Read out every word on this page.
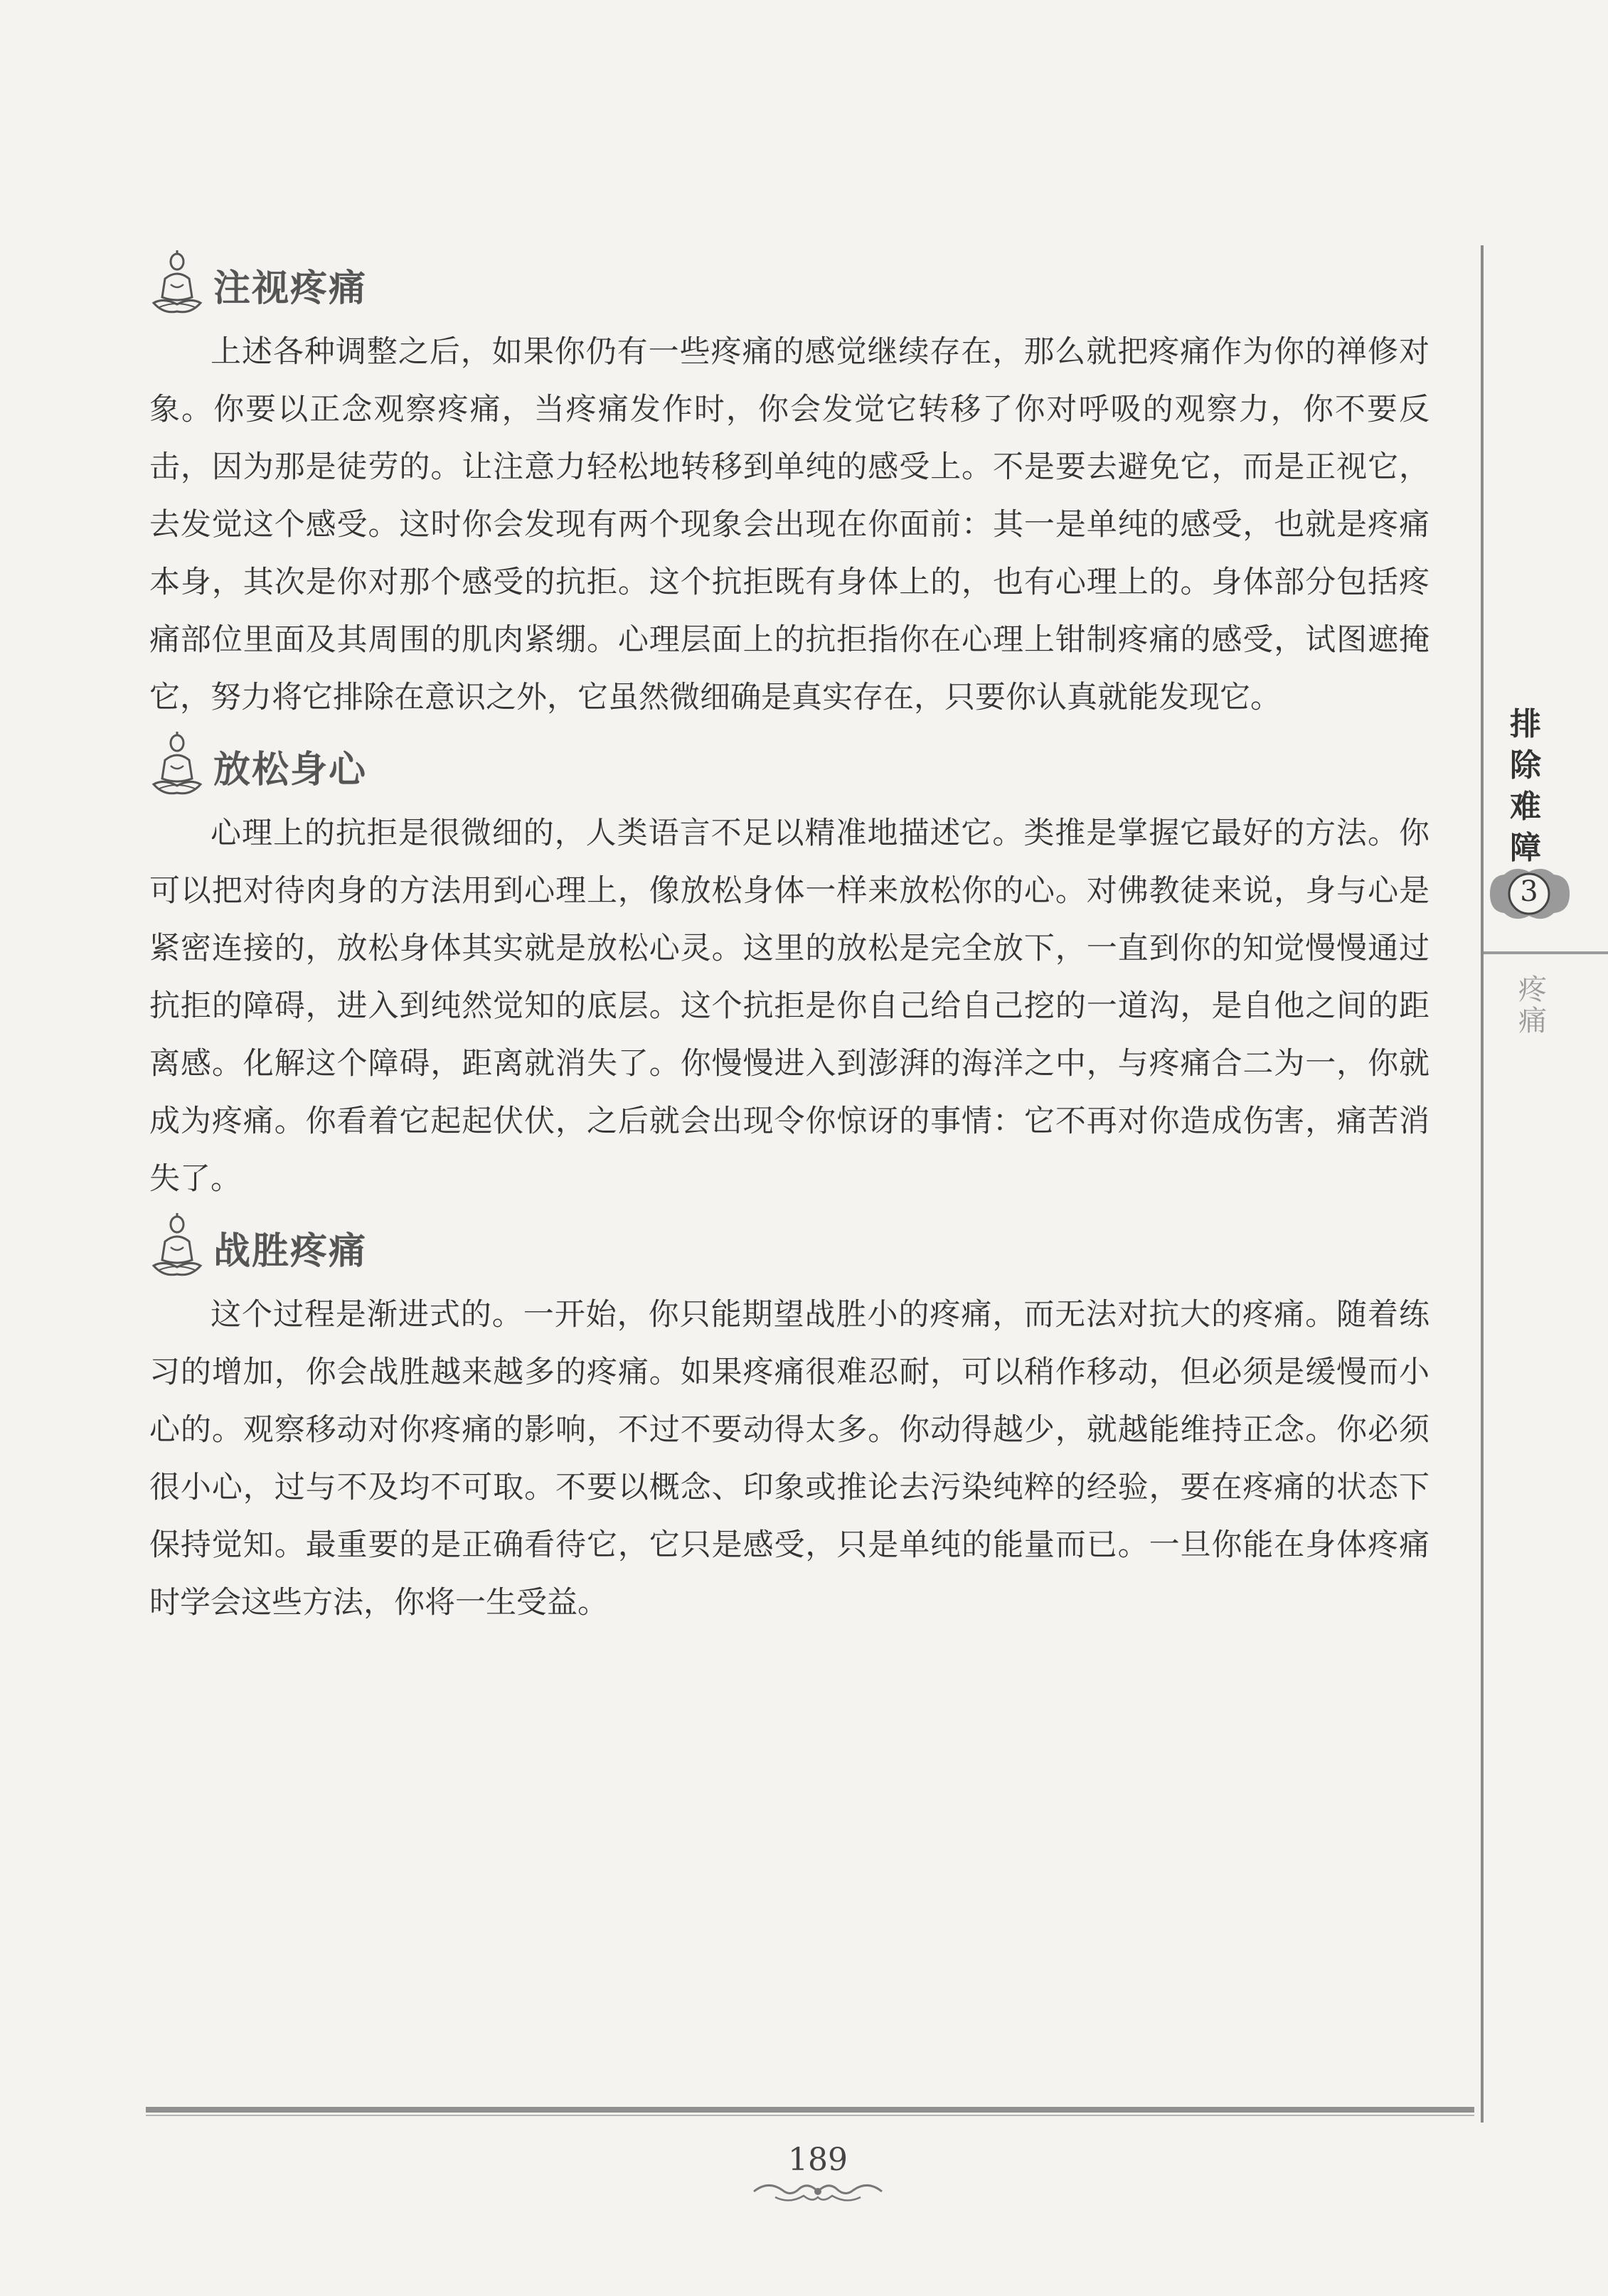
注视疼痛

上述各种调整之后，如果你仍有一些疼痛的感觉继续存在，那么就把疼痛作为你的禅修对象。你要以正念观察疼痛，当疼痛发作时，你会发觉它转移了你对呼吸的观察力，你不要反击，因为那是徒劳的。让注意力轻松地转移到单纯的感受上。不是要去避免它，而是正视它，去发觉这个感受。这时你会发现有两个现象会出现在你面前：其一是单纯的感受，也就是疼痛本身，其次是你对那个感受的抗拒。这个抗拒既有身体上的，也有心理上的。身体部分包括疼痛部位里面及其周围的肌肉紧绷。心理层面上的抗拒指你在心理上钳制疼痛的感受，试图遮掩它，努力将它排除在意识之外，它虽然微细确是真实存在，只要你认真就能发现它。

放松身心

心理上的抗拒是很微细的，人类语言不足以精准地描述它。类推是掌握它最好的方法。你可以把对待肉身的方法用到心理上，像放松身体一样来放松你的心。对佛教徒来说，身与心是紧密连接的，放松身体其实就是放松心灵。这里的放松是完全放下，一直到你的知觉慢慢通过抗拒的障碍，进入到纯然觉知的底层。这个抗拒是你自己给自己挖的一道沟，是自他之间的距离感。化解这个障碍，距离就消失了。你慢慢进入到澎湃的海洋之中，与疼痛合二为一，你就成为疼痛。你看着它起起伏伏，之后就会出现令你惊讶的事情：它不再对你造成伤害，痛苦消失了。

战胜疼痛

这个过程是渐进式的。一开始，你只能期望战胜小的疼痛，而无法对抗大的疼痛。随着练习的增加，你会战胜越来越多的疼痛。如果疼痛很难忍耐，可以稍作移动，但必须是缓慢而小心的。观察移动对你疼痛的影响，不过不要动得太多。你动得越少，就越能维持正念。你必须很小心，过与不及均不可取。不要以概念、印象或推论去污染纯粹的经验，要在疼痛的状态下保持觉知。最重要的是正确看待它，它只是感受，只是单纯的能量而已。一旦你能在身体疼痛时学会这些方法，你将一生受益。

排
除
难
障
3
疼
痛
189
